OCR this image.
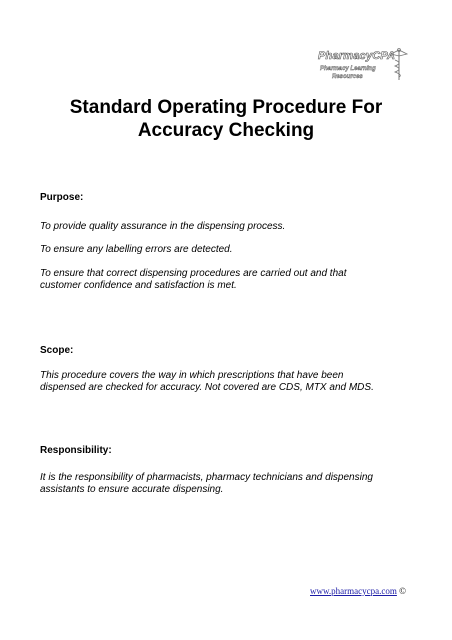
PharmacyCPA
Pharmacy Learning
Resources
Standard Operating Procedure For
Accuracy Checking
Purpose:
To provide quality assurance in the dispensing process.
To ensure any labelling errors are detected.
To ensure that correct dispensing procedures are carried out and that
customer confidence and satisfaction is met.
Scope:
This procedure covers the way in which prescriptions that have been
dispensed are checked for accuracy. Not covered are CDS, MTX and MDS.
Responsibility:
It is the responsibility of pharmacists, pharmacy technicians and dispensing
assistants to ensure accurate dispensing.
www.pharmacycpa.com ©
